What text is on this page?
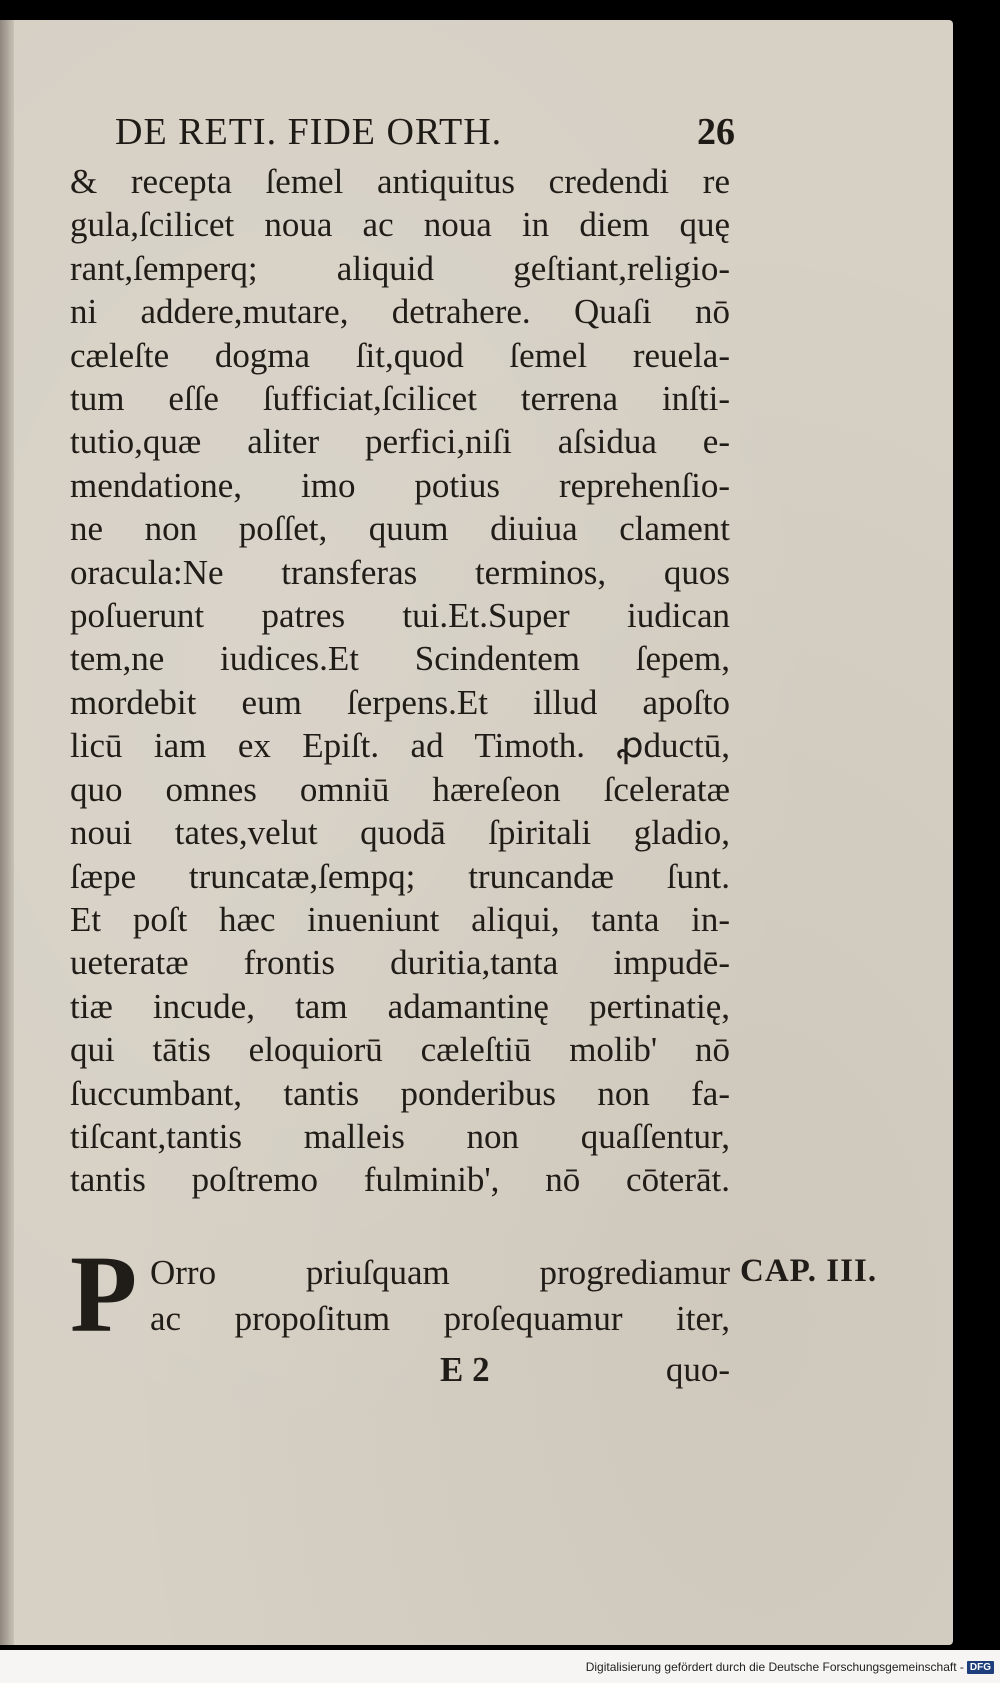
DE RETI. FIDE ORTH.	26
& recepta ſemel antiquitus credendi re
gula,ſcilicet noua ac noua in diem quę
rant,ſemperq; aliquid geſtiant,religio-
ni addere,mutare, detrahere. Quaſi nō
cæleſte dogma ſit,quod ſemel reuela-
tum eſſe ſufficiat,ſcilicet terrena inſti-
tutio,quæ aliter perfici,niſi aſsidua e-
mendatione, imo potius reprehenſio-
ne non poſſet, quum diuiua clament
oracula:Ne transferas terminos, quos
poſuerunt patres tui.Et.Super iudican
tem,ne iudices.Et Scindentem ſepem,
mordebit eum ſerpens.Et illud apoſto
licū iam ex Epiſt. ad Timoth. ꝓductū,
quo omnes omniū hæreſeon ſceleratæ
noui tates,velut quodā ſpiritali gladio,
ſæpe truncatæ,ſempq; truncandæ ſunt.
Et poſt hæc inueniunt aliqui, tanta in-
ueteratæ frontis duritia,tanta impudē-
tiæ incude, tam adamantinę pertinatię,
qui tātis eloquiorū cæleſtiū molib' nō
ſuccumbant, tantis ponderibus non fa-
tiſcant,tantis malleis non quaſſentur,
tantis poſtremo fulminib', nō cōterāt.
P Orro priuſquam progrediamur
ac propoſitum proſequamur iter,
CAP. III.
E 2	quo-
Digitalisierung gefördert durch die Deutsche Forschungsgemeinschaft - DFG
